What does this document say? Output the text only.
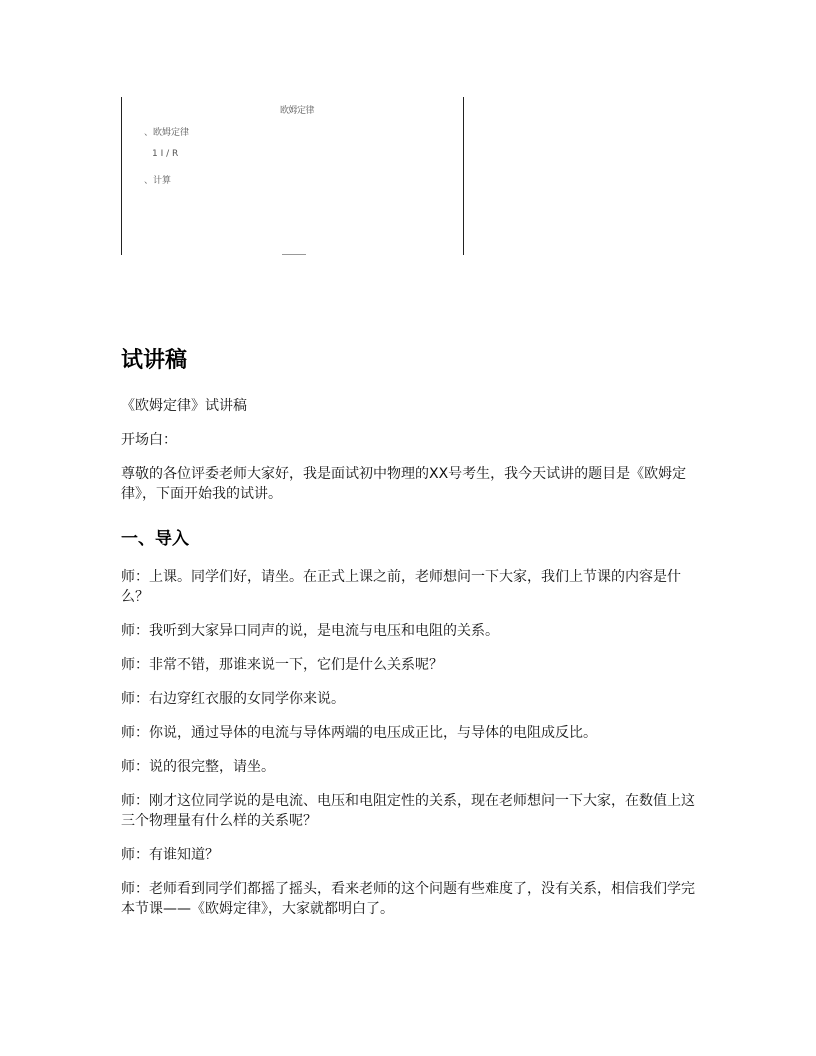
欧姆定律
、欧姆定律
1 I / R
、计算
试讲稿

《欧姆定律》试讲稿

开场白：

尊敬的各位评委老师大家好，我是面试初中物理的XX号考生，我今天试讲的题目是《欧姆定律》，下面开始我的试讲。

一、导入

师：上课。同学们好，请坐。在正式上课之前，老师想问一下大家，我们上节课的内容是什么？

师：我听到大家异口同声的说，是电流与电压和电阻的关系。

师：非常不错，那谁来说一下，它们是什么关系呢？

师：右边穿红衣服的女同学你来说。

师：你说，通过导体的电流与导体两端的电压成正比，与导体的电阻成反比。

师：说的很完整，请坐。

师：刚才这位同学说的是电流、电压和电阻定性的关系，现在老师想问一下大家，在数值上这三个物理量有什么样的关系呢？

师：有谁知道？

师：老师看到同学们都摇了摇头，看来老师的这个问题有些难度了，没有关系，相信我们学完本节课——《欧姆定律》，大家就都明白了。
